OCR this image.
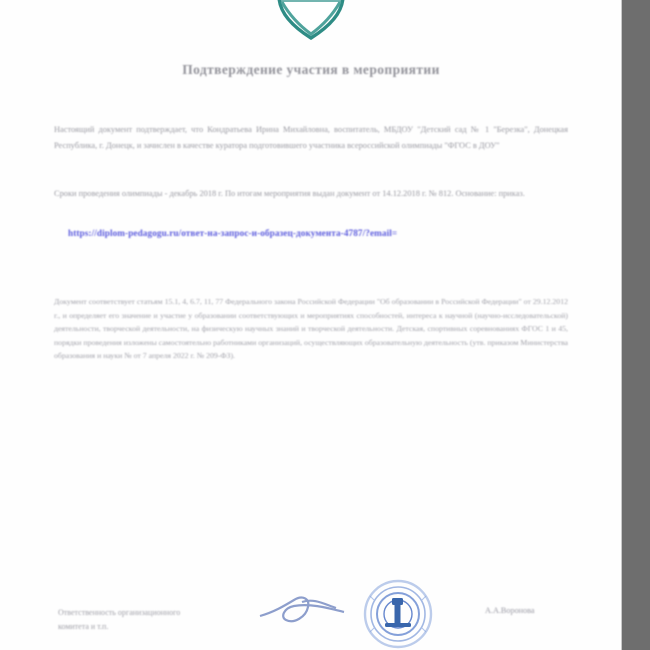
Подтверждение участия в мероприятии
Настоящий документ подтверждает, что Кондратьева Ирина Михайловна, воспитатель, МБДОУ "Детский сад № 1 "Березка", Донецкая Республика, г. Донецк, и зачислен в качестве куратора подготовившего участника всероссийской олимпиады "ФГОС в ДОУ"
Сроки проведения олимпиады - декабрь 2018 г. По итогам мероприятия выдан документ от 14.12.2018 г. № 812. Основание: приказ.
https://diplom-pedagogu.ru/ответ-на-запрос-и-образец-документа-4787/?email=
Документ соответствует статьям 15.1, 4, 6.7, 11, 77 Федерального закона Российской Федерации "Об образовании в Российской Федерации" от 29.12.2012 г., и определяет его значение и участие у образовании соответствующих и мероприятиях способностей, интереса к научной (научно-исследовательской) деятельности, творческой деятельности, на физическую научных знаний и творческой деятельности. Детская, спортивных соревнованиях ФГОС 1 и 45, порядки проведения изложены самостоятельно работниками организаций, осуществляющих образовательную деятельность (утв. приказом Министерства образования и науки № от 7 апреля 2022 г. № 209-ФЗ).
Ответственность организационного
комитета и т.п.
А.А.Воронова
